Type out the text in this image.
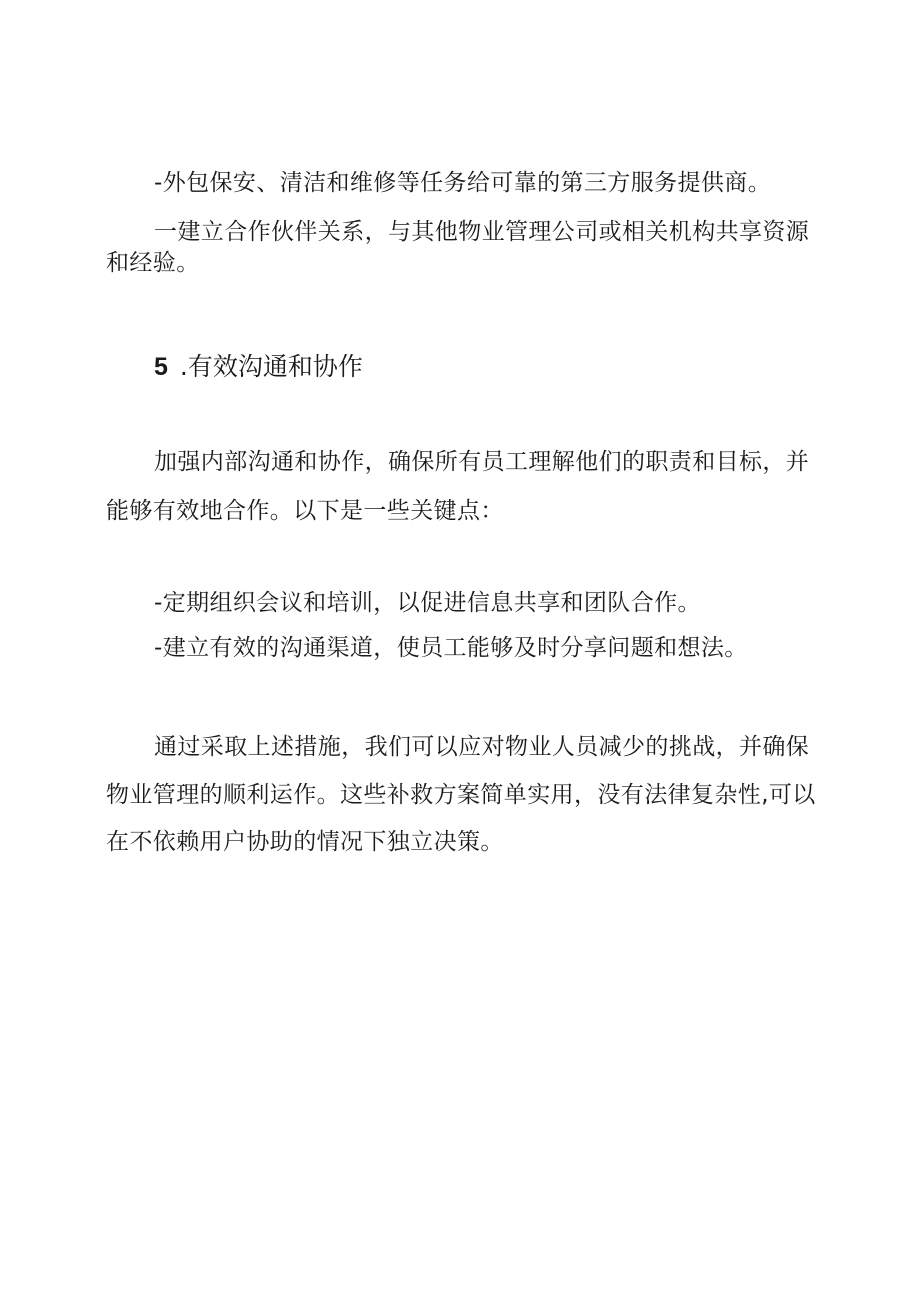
-外包保安、清洁和维修等任务给可靠的第三方服务提供商。
一建立合作伙伴关系，与其他物业管理公司或相关机构共享资源
和经验。
5 .有效沟通和协作
加强内部沟通和协作，确保所有员工理解他们的职责和目标，并
能够有效地合作。以下是一些关键点：
-定期组织会议和培训，以促进信息共享和团队合作。
-建立有效的沟通渠道，使员工能够及时分享问题和想法。
通过采取上述措施，我们可以应对物业人员减少的挑战，并确保
物业管理的顺利运作。这些补救方案简单实用，没有法律复杂性,可以
在不依赖用户协助的情况下独立决策。
